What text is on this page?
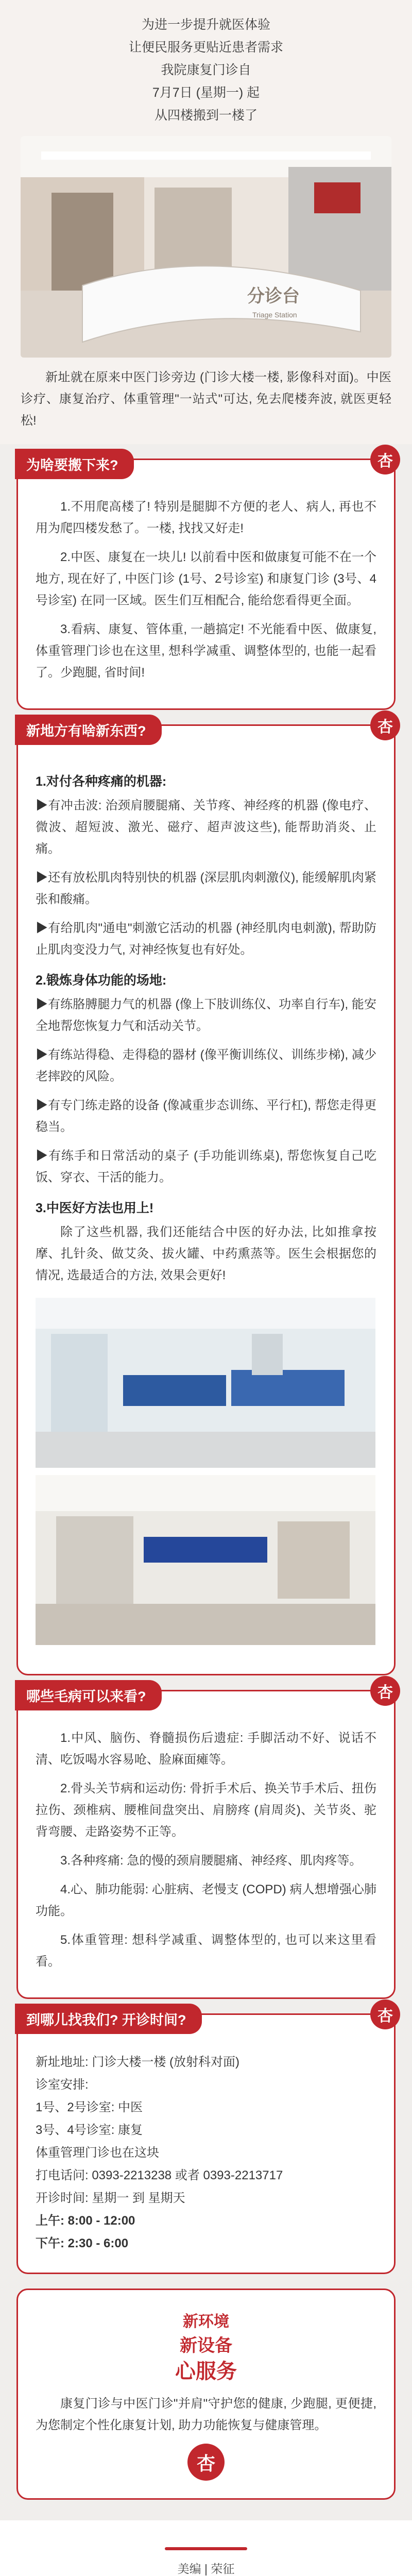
为进一步提升就医体验
让便民服务更贴近患者需求
我院康复门诊自
7月7日 (星期一) 起
从四楼搬到一楼了
分诊台
Triage Station

新址就在原来中医门诊旁边 (门诊大楼一楼, 影像科对面)。中医诊疗、康复治疗、体重管理"一站式"可达, 免去爬楼奔波, 就医更轻松!

为啥要搬下来?	杏

1.不用爬高楼了! 特别是腿脚不方便的老人、病人, 再也不用为爬四楼发愁了。一楼, 找找又好走!

2.中医、康复在一块儿! 以前看中医和做康复可能不在一个地方, 现在好了, 中医门诊 (1号、2号诊室) 和康复门诊 (3号、4号诊室) 在同一区域。医生们互相配合, 能给您看得更全面。

3.看病、康复、管体重, 一趟搞定! 不光能看中医、做康复, 体重管理门诊也在这里, 想科学减重、调整体型的, 也能一起看了。少跑腿, 省时间!

新地方有啥新东西?	杏
1.对付各种疼痛的机器:

▶有冲击波: 治颈肩腰腿痛、关节疼、神经疼的机器 (像电疗、微波、超短波、激光、磁疗、超声波这些), 能帮助消炎、止痛。

▶还有放松肌肉特别快的机器 (深层肌肉刺激仪), 能缓解肌肉紧张和酸痛。

▶有给肌肉"通电"刺激它活动的机器 (神经肌肉电刺激), 帮助防止肌肉变没力气, 对神经恢复也有好处。

2.锻炼身体功能的场地:

▶有练胳膊腿力气的机器 (像上下肢训练仪、功率自行车), 能安全地帮您恢复力气和活动关节。

▶有练站得稳、走得稳的器材 (像平衡训练仪、训练步梯), 减少老摔跤的风险。

▶有专门练走路的设备 (像减重步态训练、平行杠), 帮您走得更稳当。

▶有练手和日常活动的桌子 (手功能训练桌), 帮您恢复自己吃饭、穿衣、干活的能力。

3.中医好方法也用上!

除了这些机器, 我们还能结合中医的好办法, 比如推拿按摩、扎针灸、做艾灸、拔火罐、中药熏蒸等。医生会根据您的情况, 选最适合的方法, 效果会更好!

哪些毛病可以来看?	杏

1.中风、脑伤、脊髓损伤后遗症: 手脚活动不好、说话不清、吃饭喝水容易呛、脸麻面瘫等。

2.骨头关节病和运动伤: 骨折手术后、换关节手术后、扭伤拉伤、颈椎病、腰椎间盘突出、肩膀疼 (肩周炎)、关节炎、驼背弯腰、走路姿势不正等。

3.各种疼痛: 急的慢的颈肩腰腿痛、神经疼、肌肉疼等。

4.心、肺功能弱: 心脏病、老慢支 (COPD) 病人想增强心肺功能。

5.体重管理: 想科学减重、调整体型的, 也可以来这里看看。

到哪儿找我们? 开诊时间?	杏
新址地址: 门诊大楼一楼 (放射科对面)
诊室安排:
1号、2号诊室: 中医
3号、4号诊室: 康复
体重管理门诊也在这块
打电话问: 0393-2213238 或者 0393-2213717
开诊时间: 星期一 到 星期天
上午: 8:00 - 12:00
下午: 2:30 - 6:00
新环境
新设备
心服务

康复门诊与中医门诊"并肩"守护您的健康, 少跑腿, 更便捷, 为您制定个性化康复计划, 助力功能恢复与健康管理。

杏
美编 | 荣征
